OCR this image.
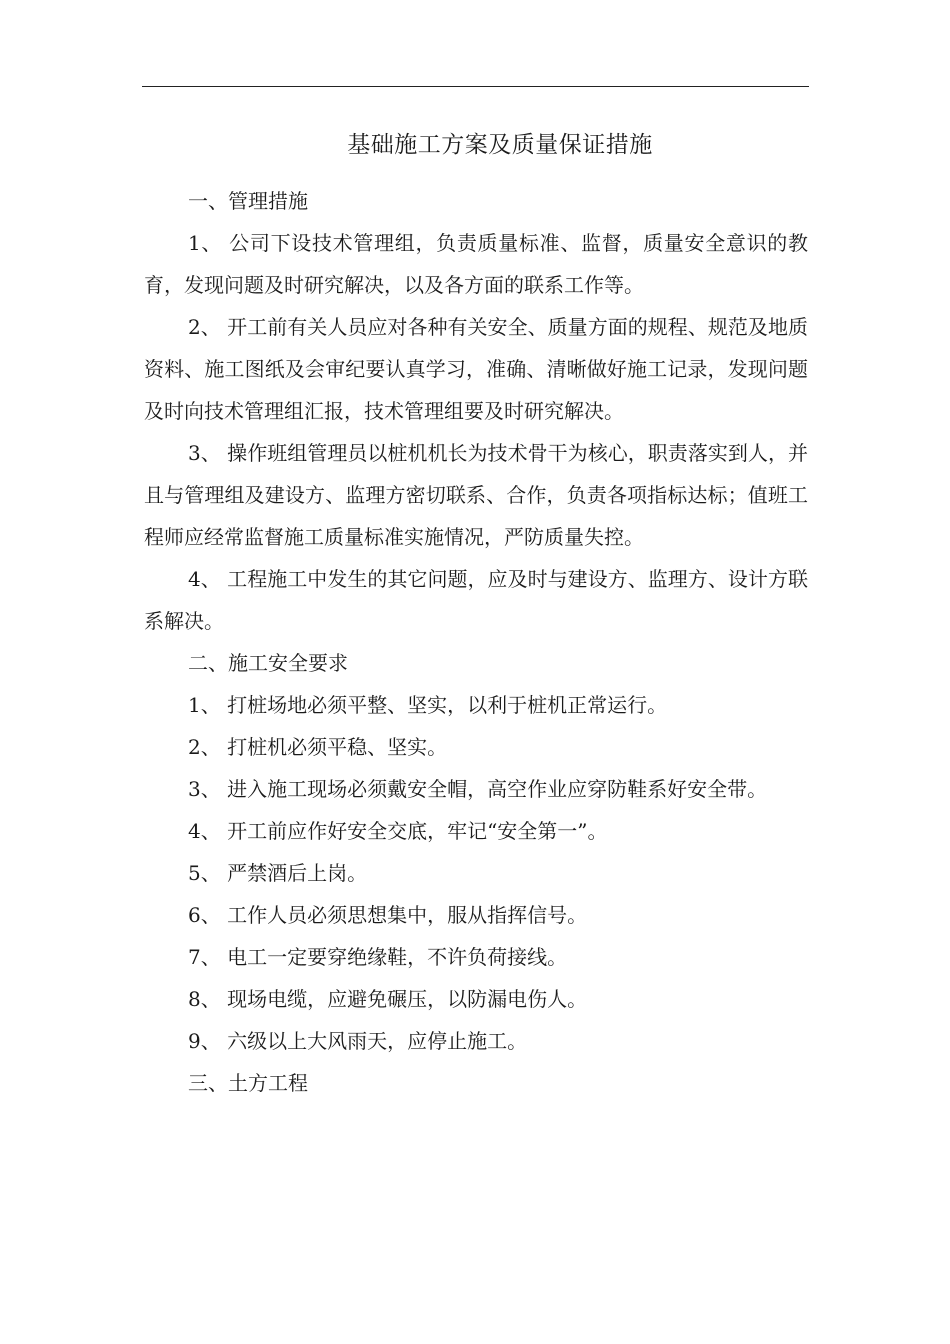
基础施工方案及质量保证措施

一、管理措施

1、 公司下设技术管理组，负责质量标准、监督，质量安全意识的教育，发现问题及时研究解决，以及各方面的联系工作等。

2、 开工前有关人员应对各种有关安全、质量方面的规程、规范及地质资料、施工图纸及会审纪要认真学习，准确、清晰做好施工记录，发现问题及时向技术管理组汇报，技术管理组要及时研究解决。

3、 操作班组管理员以桩机机长为技术骨干为核心，职责落实到人，并且与管理组及建设方、监理方密切联系、合作，负责各项指标达标；值班工程师应经常监督施工质量标准实施情况，严防质量失控。

4、 工程施工中发生的其它问题，应及时与建设方、监理方、设计方联系解决。

二、施工安全要求

1、 打桩场地必须平整、坚实，以利于桩机正常运行。

2、 打桩机必须平稳、坚实。

3、 进入施工现场必须戴安全帽，高空作业应穿防鞋系好安全带。

4、 开工前应作好安全交底，牢记“安全第一”。

5、 严禁酒后上岗。

6、 工作人员必须思想集中，服从指挥信号。

7、 电工一定要穿绝缘鞋，不许负荷接线。

8、 现场电缆，应避免碾压，以防漏电伤人。

9、 六级以上大风雨天，应停止施工。

三、土方工程
